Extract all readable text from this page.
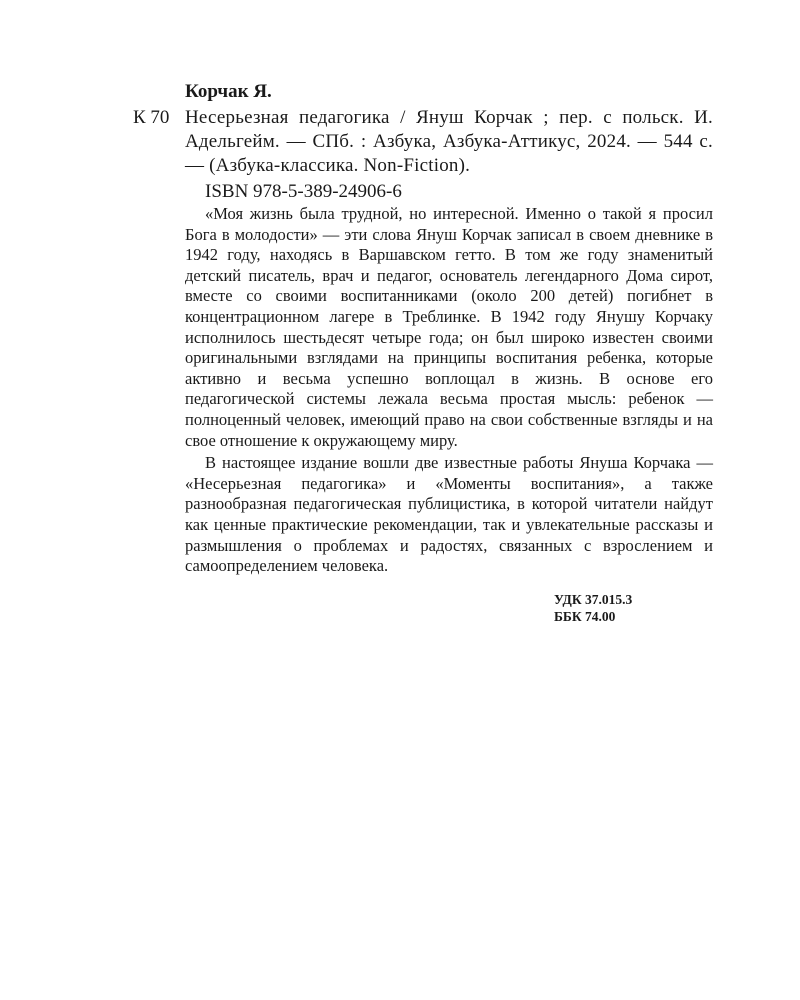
Корчак Я.
К 70 Несерьезная педагогика / Януш Корчак ; пер. с польск. И. Адельгейм. — СПб. : Азбука, Азбука-Аттикус, 2024. — 544 с. — (Азбука-классика. Non-Fiction).
ISBN 978-5-389-24906-6

«Моя жизнь была трудной, но интересной. Именно о такой я просил Бога в молодости» — эти слова Януш Корчак записал в своем дневнике в 1942 году, находясь в Варшавском гетто. В том же году знаменитый детский писатель, врач и педагог, основатель легендарного Дома сирот, вместе со своими воспитанниками (около 200 детей) погибнет в концентрационном лагере в Треблинке. В 1942 году Янушу Корчаку исполнилось шестьдесят четыре года; он был широко известен своими оригинальными взглядами на принципы воспитания ребенка, которые активно и весьма успешно воплощал в жизнь. В основе его педагогической системы лежала весьма простая мысль: ребенок — полноценный человек, имеющий право на свои собственные взгляды и на свое отношение к окружающему миру.

В настоящее издание вошли две известные работы Януша Корчака — «Несерьезная педагогика» и «Моменты воспитания», а также разнообразная педагогическая публицистика, в которой читатели найдут как ценные практические рекомендации, так и увлекательные рассказы и размышления о проблемах и радостях, связанных с взрослением и самоопределением человека.

УДК 37.015.3
ББК 74.00
